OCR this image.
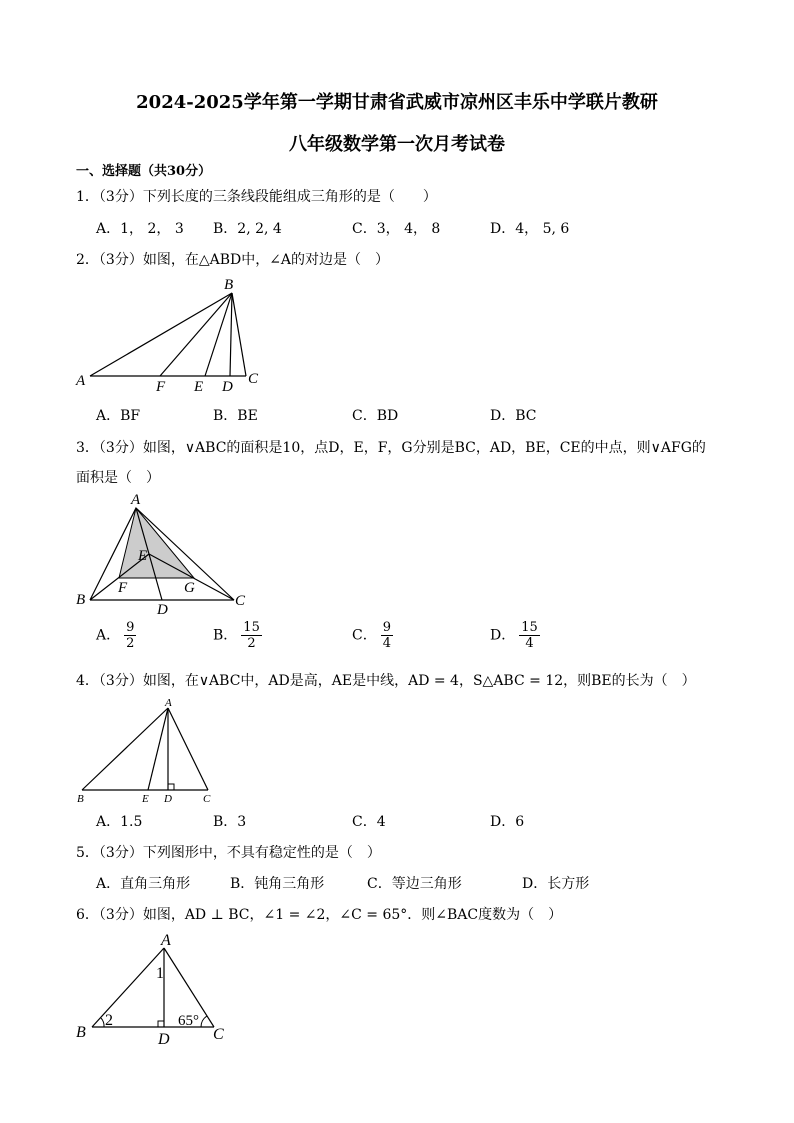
2024-2025学年第一学期甘肃省武威市凉州区丰乐中学联片教研
八年级数学第一次月考试卷
一、选择题（共30分）
1．（3分）下列长度的三条线段能组成三角形的是（　　）
A．1， 2， 3 B．2, 2, 4	C．3， 4， 8	D．4， 5, 6
2．（3分）如图，在△ABD中，∠A的对边是（　）
B
A	F E D C
A．BF	B．BE	C．BD	D．BC
3．（3分）如图，∨ABC的面积是10，点D，E，F，G分别是BC，AD，BE，CE的中点，则∨AFG的
面积是（　）
A
E
F	G
B
D
C
A． $\frac{9}{2}$	B． $\frac{15}{2}$	C． $\frac{9}{4}$	D． $\frac{15}{4}$
4．（3分）如图，在∨ABC中，AD是高，AE是中线，AD = 4，S△ABC = 12，则BE的长为（　）
A
B	E D	C
A．1.5	B．3	C．4	D．6
5．（3分）下列图形中，不具有稳定性的是（　）
A．直角三角形	B．钝角三角形	C．等边三角形	D．长方形
6．（3分）如图，AD ⊥ BC，∠1 = ∠2，∠C = 65°．则∠BAC度数为（　）
A
1
B
2	65°
D	C
